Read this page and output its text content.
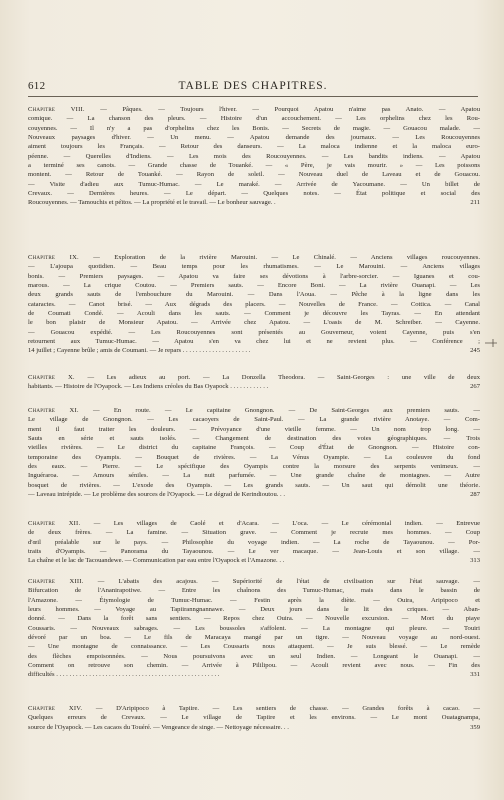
612	TABLE DES CHAPITRES.
Chapitre VIII. — Pâques. — Toujours l'hiver. — Pourquoi Apatou n'aime pas Anato. — Apatou
comique. — La chanson des pleurs. — Histoire d'un accouchement. — Les orphelins chez les Rou-
couyennes. — Il n'y a pas d'orphelins chez les Bonis. — Secrets de magie. — Gouacou malade. —
Nouveaux paysages d'hiver. — Un menu. — Apatou demande des journaux. — Les Roucouyennes
aiment toujours les Français. — Retour des danseurs. — La maloca indienne et la maloca euro-
péenne. — Querelles d'Indiens. — Les mois des Roucouyennes. — Les bandits indiens. — Apatou
a terminé ses canots. — Grande chasse de Touanké. — « Père, je vais mourir. » — Les poissons
montent. — Retour de Touanké. — Rayon de soleil. — Nouveau duel de Laveau et de Gouacou.
— Visite d'adieu aux Tumuc-Humac. — Le maraké. — Arrivée de Yacoumane. — Un billet de
Crevaux. — Dernières heures. — Le départ. — Quelques notes. — État politique et social des
Roucouyennes. — Tamouchis et péïtos. — La propriété et le travail. — Le bonheur sauvage. .	211
Chapitre IX. — Exploration de la rivière Marouini. — Le Chinalé. — Anciens villages roucouyennes.
— L'ajoupa quotidien. — Beau temps pour les rhumatismes. — Le Marouini. — Anciens villages
bonis. — Premiers paysages. — Apatou va faire ses dévotions à l'arbre-sorcier. — Iguanes et cou-
marous. — La crique Coutou. — Premiers sauts. — Encore Boni. — La rivière Ouanapi. — Les
deux grands sauts de l'embouchure du Marouini. — Dans l'Aoua. — Pêche à la ligne dans les
cataractes. — Canot brisé. — Aux dégrads des placers. — Nouvelles de France. — Cottica. — Canal
de Coumati Condé. — Acouli dans les sauts. — Comment je découvre les Tayras. — En attendant
le bon plaisir de Monsieur Apatou. — Arrivée chez Apatou. — L'oasis de M. Schreiber. — Cayenne.
— Gouacou expédié. — Les Roucouyennes sont présentés au Gouverneur, voient Cayenne, puis s'en
retournent aux Tumuc-Humac. — Apatou s'en va chez lui et ne revient plus. — Conférence ;
14 juillet ; Cayenne brûle ; amis de Coumani. — Je repars . . . . . . . . . . . . . . . . . . . . .	245
Chapitre X. — Les adieux au port. — La Donzella Theodora. — Saint-Georges : une ville de deux
habitants. — Histoire de l'Oyapock. — Les Indiens créoles du Bas Oyapock . . . . . . . . . . . .	267
Chapitre XI. — En route. — Le capitaine Gnongnon. — De Saint-Georges aux premiers sauts. —
Le village de Gnongnon. — Les cacaoyers de Saint-Paul. — La grande rivière Anotaye. — Com-
ment il faut traiter les douleurs. — Prévoyance d'une vieille femme. — Un nom trop long. —
Sauts en série et sauts isolés. — Changement de destination des voies géographiques. — Trois
vieilles rivières. — Le district du capitaine François. — Coup d'État de Gnongnon. — Histoire con-
temporaine des Oyampis. — Bouquet de rivières. — La Vénus Oyampie. — La couleuvre du fond
des eaux. — Pierre. — Le spécifique des Oyampis contre la morsure des serpents venimeux. —
Inguéraroa. — Amours séniles. — La nuit parfumée. — Une grande chaîne de montagnes. — Autre
bosquet de rivières. — L'exode des Oyampis. — Les grands sauts. — Un saut qui démolit une théorie.
— Laveau intrépide. — Le problème des sources de l'Oyapock. — Le dégrad de Kerindioutou. . .	287
Chapitre XII. — Les villages de Caolé et d'Acara. — L'oca. — Le cérémonial indien. — Entrevue
de deux frères. — La famine. — Situation grave. — Comment je recrute mes hommes. — Coup
d'œil préalable sur le pays. — Philosophie du voyage indien. — La roche de Tayaounou. — Por-
traits d'Oyampis. — Panorama du Tayaounou. — Le ver macaque. — Jean-Louis et son village. —
La chaîne et le lac de Tacouandewe. — Communication par eau entre l'Oyapock et l'Amazone. . .	313
Chapitre XIII. — L'abatis des acajous. — Supériorité de l'état de civilisation sur l'état sauvage. —
Bifurcation de l'Ananirapotiwe. — Entre les chaînons des Tumuc-Humac, mais dans le bassin de
l'Amazone. — Étymologie de Tumuc-Humac. — Festin après la diète. — Ouira, Aripipoco et
leurs hommes. — Voyage au Tapiiranngnannawe. — Deux jours dans le lit des criques. — Aban-
donné. — Dans la forêt sans sentiers. — Repos chez Ouira. — Nouvelle excursion. — Mort du piaye
Coussaris. — Nouveaux sabrages. — Les boussoles s'affolent. — La montagne qui pleure. — Touiri
dévoré par un boa. — Le fils de Maracaya mangé par un tigre. — Nouveau voyage au nord-ouest.
— Une montagne de connaissance. — Les Coussaris nous attaquent. — Je suis blessé. — Le remède
des flèches empoisonnées. — Nous poursuivons avec un seul Indien. — Longeant le Ouanapi. —
Comment on retrouve son chemin. — Arrivée à Pililipou. — Acouli revient avec nous. — Fin des
difficultés . . . . . . . . . . . . . . . . . . . . . . . . . . . . . . . . . . . . . . . . . . . . . . . . . .	331
Chapitre XIV. — D'Aripipoco à Tapiire. — Les sentiers de chasse. — Grandes forêts à cacao. —
Quelques erreurs de Crevaux. — Le village de Tapiire et les environs. — Le mont Ouatagnampa,
source de l'Oyapock. — Les cacaos du Touéré. — Vengeance de singe. — Nettoyage nécessaire. . .	359
